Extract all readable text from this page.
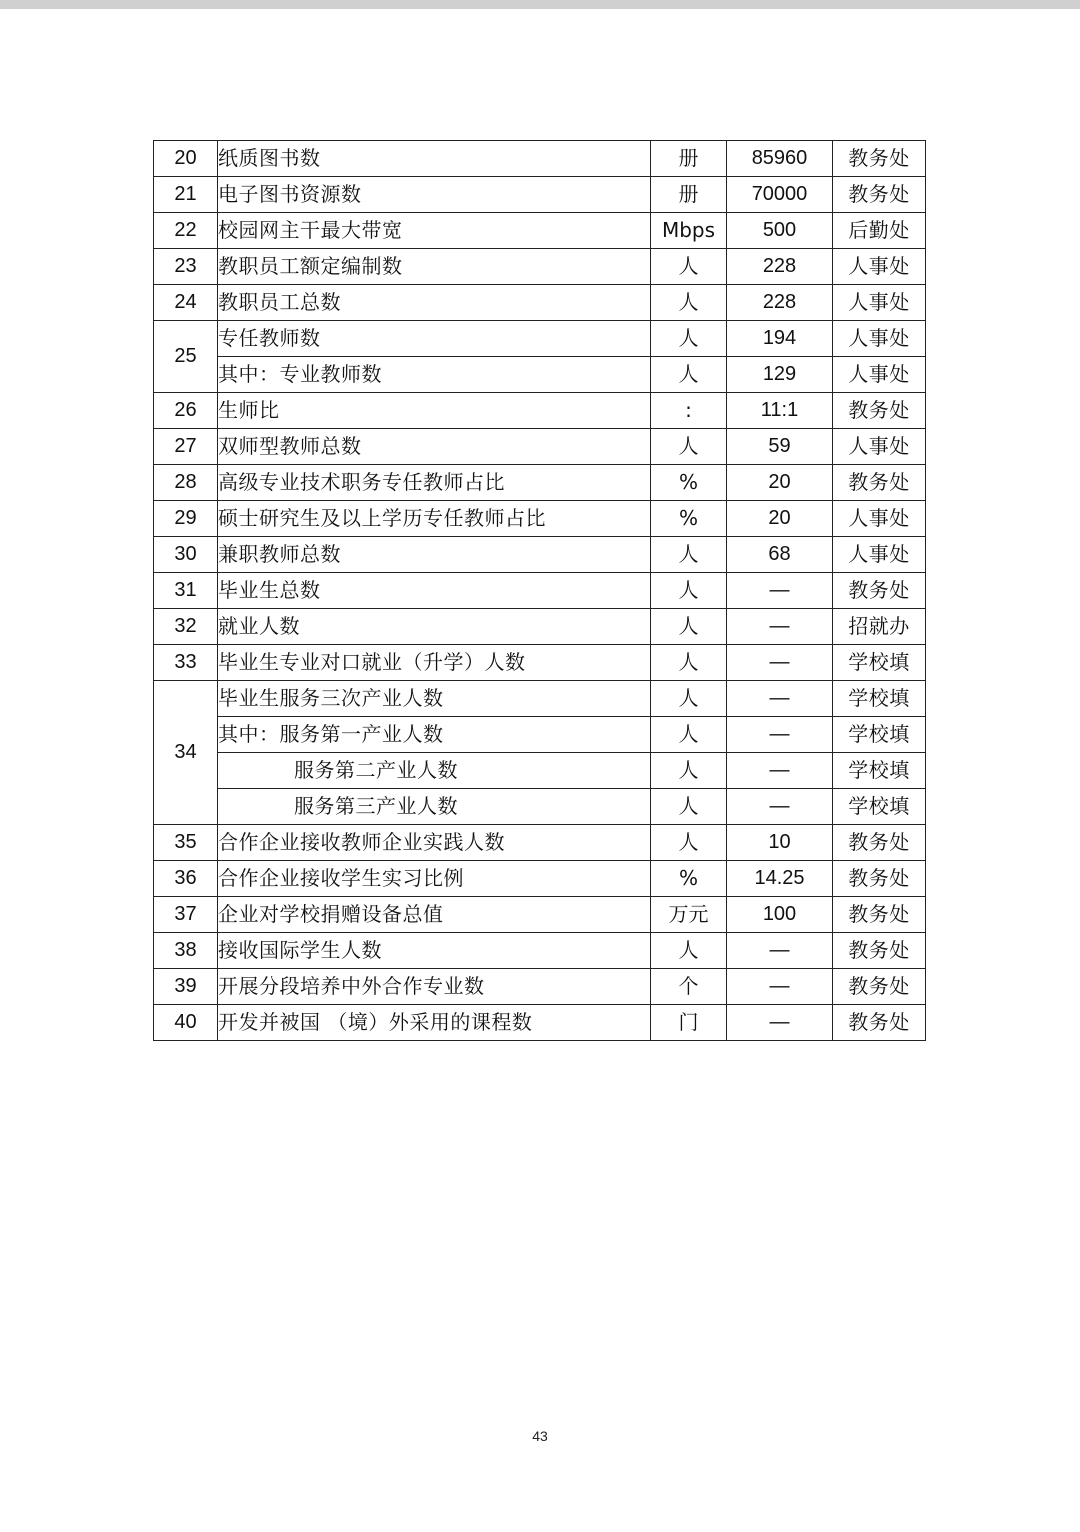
20	纸质图书数	册	85960	教务处
21	电子图书资源数	册	70000	教务处
22	校园网主干最大带宽	Mbps	500	后勤处
23	教职员工额定编制数	人	228	人事处
24	教职员工总数	人	228	人事处
25	专任教师数	人	194	人事处
	其中：专业教师数	人	129	人事处
26	生师比	:	11:1	教务处
27	双师型教师总数	人	59	人事处
28	高级专业技术职务专任教师占比	%	20	教务处
29	硕士研究生及以上学历专任教师占比	%	20	人事处
30	兼职教师总数	人	68	人事处
31	毕业生总数	人	—	教务处
32	就业人数	人	—	招就办
33	毕业生专业对口就业（升学）人数	人	—	学校填
34	毕业生服务三次产业人数	人	—	学校填
	其中：服务第一产业人数	人	—	学校填
	服务第二产业人数	人	—	学校填
	服务第三产业人数	人	—	学校填
35	合作企业接收教师企业实践人数	人	10	教务处
36	合作企业接收学生实习比例	%	14.25	教务处
37	企业对学校捐赠设备总值	万元	100	教务处
38	接收国际学生人数	人	—	教务处
39	开展分段培养中外合作专业数	个	—	教务处
40	开发并被国 （境）外采用的课程数	门	—	教务处
43
